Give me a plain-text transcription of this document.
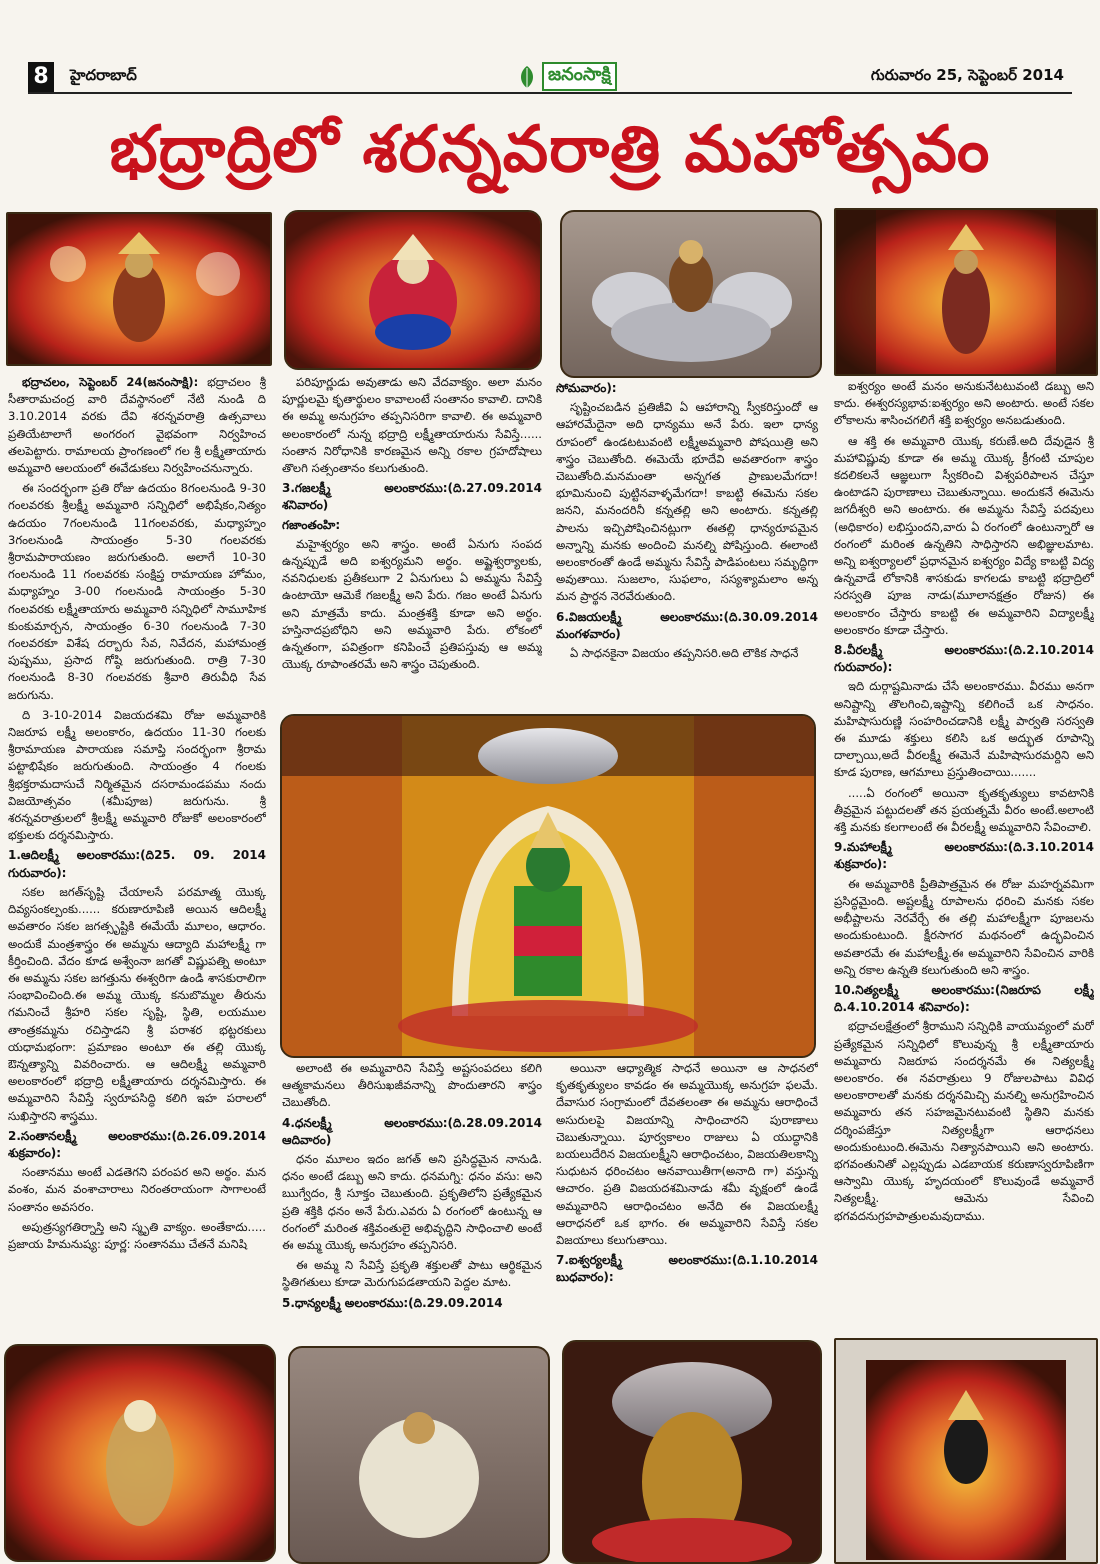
8	హైదరాబాద్	జనంసాక్షి	గురువారం 25, సెప్టెంబర్ 2014
భద్రాద్రిలో శరన్నవరాత్రి మహోత్సవం

భద్రాచలం, సెప్టెంబర్ 24(జనంసాక్షి): భద్రాచలం శ్రీ సీతారామచంద్ర వారి దేవస్థానంలో నేటి నుండి ది 3.10.2014 వరకు దేవి శరన్నవరాత్రి ఉత్సవాలు ప్రతియేటాలాగే అంగరంగ వైభవంగా నిర్వహించ తలపెట్టారు. రామాలయ ప్రాంగణంలో గల శ్రీ లక్ష్మీతాయారు అమ్మవారి ఆలయంలో ఈవేడుకలు నిర్వహించనున్నారు.

ఈ సందర్భంగా ప్రతి రోజు ఉదయం 8గంలనుండి 9-30 గంలవరకు శ్రీలక్ష్మీ అమ్మవారి సన్నిధిలో అభిషేకం,నిత్యం ఉదయం 7గంలనుండి 11గంలవరకు, మధ్యాహ్నం 3గంలనుండి సాయంత్రం 5-30 గంలవరకు శ్రీరామపారాయణం జరుగుతుంది. అలాగే 10-30 గంలనుండి 11 గంలవరకు సంక్షిప్త రామాయణ హోమం, మధ్యాహ్నం 3-00 గంలనుండి సాయంత్రం 5-30 గంలవరకు లక్ష్మీతాయారు అమ్మవారి సన్నిధిలో సామూహిక కుంకుమార్చన, సాయంత్రం 6-30 గంలనుండి 7-30 గంలవరకూ విశేష దర్బారు సేవ, నివేదన, మహామంత్ర పుష్పము, ప్రసాద గోష్ఠి జరుగుతుంది. రాత్రి 7-30 గంలనుండి 8-30 గంలవరకు శ్రీవారి తిరువీధి సేవ జరుగును.

ది 3-10-2014 విజయదశమి రోజు అమ్మవారికి నిజరూప లక్ష్మీ అలంకారం, ఉదయం 11-30 గంలకు శ్రీరామాయణ పారాయణ సమాప్తి సందర్భంగా శ్రీరామ పట్టాభిషేకం జరుగుతుంది. సాయంత్రం 4 గంలకు శ్రీభక్తరామదాసుచే నిర్మితమైన దసరామండపము నందు విజయోత్సవం (శమీపూజ) జరుగును. శ్రీ శరన్నవరాత్రులలో శ్రీలక్ష్మీ అమ్మవారి రోజుకో అలంకారంలో భక్తులకు దర్శనమిస్తారు.

1.ఆదిలక్ష్మీ అలంకారము:(ది25. 09. 2014 గురువారం):

సకల జగత్‌సృష్టి చేయాలసే పరమాత్మ యొక్క దివ్యసంకల్పంకు...... కరుణారూపిణి అయిన ఆదిలక్ష్మీ అవతారం సకల జగత్సృష్టికి ఈమేయే మూలం, ఆధారం. అందుకే మంత్రశాస్త్రం ఈ అమ్మను ఆద్యాది మహాలక్ష్మీ గా కీర్తించింది. వేదం కూడ అశ్వేంనా జగతో విష్ణుపత్ని అంటూ ఈ అమ్మను సకల జగత్తును ఈశ్వరిగా ఉండి శాసకురాలిగా సంభావించింది.ఈ అమ్మ యొక్క కనుబొమ్మల తీరును గమనించే శ్రీహరి సకల సృష్టి, స్థితి, లయముల తాంత్రకమ్మను రచిస్తాడని శ్రీ పరాశర భట్టరకులు యధామభంగా: ప్రమాణం అంటూ ఈ తల్లి యొక్క ఔన్నత్యాన్ని వివరించారు. ఆ ఆదిలక్ష్మీ అమ్మవారి అలంకారంలో భద్రాద్రి లక్ష్మీతాయారు దర్శనమిస్తారు. ఈ అమ్మవారిని సేవిస్తే స్వరూపసిద్ధి కలిగి ఇహ పరాలలో సుఖిస్తారని శాస్త్రము.

2.సంతానలక్ష్మీ అలంకారము:(ది.26.09.2014 శుక్రవారం):

సంతానము అంటే ఎడతెగని పరంపర అని అర్థం. మన వంశం, మన వంశాచారాలు నిరంతరాయంగా సాగాలంటే సంతానం అవసరం.

అపుత్రస్యగతిర్నాస్తి అని స్మృతి వాక్యం. అంతేకాదు..... ప్రజాయ హిమనుష్య: పూర్ణ: సంతానము చేతనే మనిషి

పరిపూర్ణుడు అవుతాడు అని వేదవాక్యం. అలా మనం పూర్ణులమై కృతార్థులం కావాలంటే సంతానం కావాలి. దానికి ఈ అమ్మ అనుగ్రహం తప్పనిసరిగా కావాలి. ఈ అమ్మవారి అలంకారంలో నున్న భద్రాద్రి లక్ష్మీతాయారును సేవిస్తే...... సంతాన నిరోధానికి కారణమైన అన్ని రకాల గ్రహదోషాలు తొలగి సత్సంతానం కలుగుతుంది.

3.గజలక్ష్మీ అలంకారము:(ది.27.09.2014 శనివారం)
గజాంతంహి:

మహైశ్వర్యం అని శాస్త్రం. అంటే ఏనుగు సంపద ఉన్నప్పుడే అది ఐశ్వర్యమని అర్థం. అష్టైశ్వర్యాలకు, నవనిధులకు ప్రతీకలుగా 2 ఏనుగులు ఏ అమ్మను సేవిస్తే ఉంటాయో ఆమెకే గజలక్ష్మీ అని పేరు. గజం అంటే ఏనుగు అని మాత్రమే కాదు. మంత్రశక్తి కూడా అని అర్థం. హస్తినాదప్రబోధిని అని అమ్మవారి పేరు. లోకంలో ఉన్నతంగా, పవిత్రంగా కనిపించే ప్రతిపస్తువు ఆ అమ్మ యొక్క రూపాంతరమే అని శాస్త్రం చెపుతుంది.

అలాంటి ఈ అమ్మవారిని సేవిస్తే అష్టసంపదలు కలిగి ఆత్మకామనలు తీరిసుఖజీవనాన్ని పొందుతారని శాస్త్రం చెబుతోంది.

4.ధనలక్ష్మీ అలంకారము:(ది.28.09.2014 ఆదివారం)

ధనం మూలం ఇదం జగత్ అని ప్రసిద్ధమైన నానుడి. ధనం అంటే డబ్బు అని కాదు. ధనమగ్ని: ధనం వసు: అని ఋగ్వేదం, శ్రీ సూక్తం చెబుతుంది. ప్రకృతిలోని ప్రత్యేకమైన ప్రతి శక్తికి ధనం అనే పేరు.ఎవరు ఏ రంగంలో ఉంటున్న ఆ రంగంలో మరింత శక్తివంతులై అభివృద్ధిని సాధించాలి అంటే ఈ అమ్మ యొక్క అనుగ్రహం తప్పనిసరి.

ఈ అమ్మ ని సేవిస్తే ప్రకృతి శక్తులతో పాటు ఆర్థికమైన స్థితిగతులు కూడా మెరుగుపడతాయని పెద్దల మాట.

5.ధాన్యలక్ష్మీ అలంకారము:(ది.29.09.2014
సోమవారం):

సృష్టించబడిన ప్రతిజీవి ఏ ఆహారాన్ని స్వీకరిస్తుందో ఆ ఆహారమేదైనా అది ధాన్యము అనే పేరు. ఇలా ధాన్య రూపంలో ఉండటటువంటి లక్ష్మీఅమ్మవారి పోషయిత్రి అని శాస్త్రం చెబుతోంది. ఈమెయే భూదేవి అవతారంగా శాస్త్రం చెబుతోంది.మనమంతా అన్నగత ప్రాణులమేగదా! భూమినుంచి పుట్టినవాళ్ళమేగదా! కాబట్టి ఈమెను సకల జనని, మనందరినీ కన్నతల్లి అని అంటారు. కన్నతల్లి పాలను ఇచ్చిపోషించినట్లుగా ఈతల్లి ధాన్యరూపమైన అన్నాన్ని మనకు అందించి మనల్ని పోషిస్తుంది. ఈలాంటి అలంకారంతో ఉండే అమ్మను సేవిస్తే పాడిపంటలు సమృద్ధిగా అవుతాయి. సుజలాం, సుఫలాం, సస్యశ్యామలాం అన్న మన ప్రార్థన నెరవేరుతుంది.

6.విజయలక్ష్మీ అలంకారము:(ది.30.09.2014 మంగళవారం)

ఏ సాధనకైనా విజయం తప్పనిసరి.అది లౌకిక సాధనే

అయినా ఆధ్యాత్మిక సాధనే అయినా ఆ సాధనలో కృతకృత్యులం కావడం ఈ అమ్మయొక్క అనుగ్రహ ఫలమే. దేవాసుర సంగ్రామంలో దేవతలంతా ఈ అమ్మను ఆరాధించే అసురులపై విజయాన్ని సాధించారని పురాణాలు చెబుతున్నాయి. పూర్వకాలం రాజులు ఏ యుద్ధానికి బయలుదేరిన విజయలక్ష్మీని ఆరాధించటం, విజయతిలకాన్ని సుధుటన ధరించటం ఆనవాయితీగా(అనాది గా) వస్తున్న ఆచారం. ప్రతి విజయదశమినాడు శమీ వృక్షంలో ఉండే అమ్మవారిని ఆరాధించటం అనేది ఈ విజయలక్ష్మీ ఆరాధనలో ఒక భాగం. ఈ అమ్మవారిని సేవిస్తే సకల విజయాలు కలుగుతాయి.

7.ఐశ్వర్యలక్ష్మీ అలంకారము:(ది.1.10.2014 బుధవారం):

ఐశ్వర్యం అంటే మనం అనుకునేటటువంటి డబ్బు అని కాదు. ఈశ్వరస్యభావ:ఐశ్వర్యం అని అంటారు. అంటే సకల లోకాలను శాసించగలిగే శక్తి ఐశ్వర్యం అనబడుతుంది.

ఆ శక్తి ఈ అమ్మవారి యొక్క కరుణే.అది దేవుడైన శ్రీ మహావిష్ణువు కూడా ఈ అమ్మ యొక్క క్రీగంటి చూపుల కదలికలనే ఆజ్ఞలుగా స్వీకరించి విశ్వపరిపాలన చేస్తూ ఉంటాడని పురాణాలు చెబుతున్నాయి. అందుకనే ఈమెను జగదీశ్వరి అని అంటారు. ఈ అమ్మను సేవిస్తే పదవులు (అధికారం) లభిస్తుందని,వారు ఏ రంగంలో ఉంటున్నారో ఆ రంగంలో మరింత ఉన్నతిని సాధిస్తారని అభిజ్ఞులమాట. అన్ని ఐశ్వర్యాలలో ప్రధానమైన ఐశ్వర్యం విద్యే కాబట్టి విద్య ఉన్నవాడే లోకానికి శాసకుడు కాగలడు కాబట్టి భద్రాద్రిలో సరస్వతి పూజ నాడు(మూలానక్షత్రం రోజున) ఈ అలంకారం చేస్తారు కాబట్టి ఈ అమ్మవారిని విద్యాలక్ష్మీ అలంకారం కూడా చేస్తారు.

8.వీరలక్ష్మీ అలంకారము:(ది.2.10.2014 గురువారం):

ఇది దుర్గాష్టమినాడు చేసే అలంకారము. వీరము అనగా అనిష్టాన్ని తొలగించి,ఇష్టాన్ని కలిగించే ఒక సాధనం. మహిషాసురుణ్ణి సంహరించడానికి లక్ష్మీ పార్వతి సరస్వతి ఈ మూడు శక్తులు కలిసి ఒక అద్భుత రూపాన్ని దాల్చాయి,అదే వీరలక్ష్మీ ఈమెనే మహిషాసురమర్దిని అని కూడ పురాణ, ఆగమాలు ప్రస్తుతించాయి.......

.....ఏ రంగంలో అయినా కృతకృత్యులు కావటానికి తీవ్రమైన పట్టుదలతో తన ప్రయత్నమే వీరం అంటే.అలాంటి శక్తి మనకు కలగాలంటే ఈ వీరలక్ష్మీ అమ్మవారిని సేవించాలి.

9.మహాలక్ష్మీ అలంకారము:(ది.3.10.2014 శుక్రవారం):

ఈ అమ్మవారికి ప్రీతిపాత్రమైన ఈ రోజు మహర్నవమిగా ప్రసిద్ధమైంది. అష్టలక్ష్మీ రూపాలను ధరించి మనకు సకల అభీష్టాలను నెరవేర్చే ఈ తల్లి మహాలక్ష్మీగా పూజలను అందుకుంటుంది. క్షీరసాగర మథనంలో ఉద్భవించిన అవతారమే ఈ మహాలక్ష్మీ.ఈ అమ్మవారిని సేవించిన వారికి అన్ని రకాల ఉన్నతి కలుగుతుంది అని శాస్త్రం.

10.నిత్యలక్ష్మీ అలంకారము:(నిజరూప లక్ష్మీ ది.4.10.2014 శనివారం):

భద్రాచలక్షేత్రంలో శ్రీరాముని సన్నిధికి వాయువ్యంలో మరో ప్రత్యేకమైన సన్నిధిలో కొలువున్న శ్రీ లక్ష్మీతాయారు అమ్మవారు నిజరూప సందర్శనమే ఈ నిత్యలక్ష్మీ అలంకారం. ఈ నవరాత్రులు 9 రోజులపాటు వివిధ అలంకారాలతో మనకు దర్శనమిచ్చి మనల్ని అనుగ్రహించిన అమ్మవారు తన సహజమైనటువంటి స్థితిని మనకు దర్శింపజేస్తూ నిత్యలక్ష్మీగా ఆరాధనలు అందుకుంటుంది.ఈమెను నిత్యానపాయిని అని అంటారు. భగవంతునితో ఎల్లప్పుడు ఎడబాయక కరుణాస్వరూపిణిగా ఆస్వామి యొక్క హృదయంలో కొలువుండే అమ్మవారే నిత్యలక్ష్మీ. ఆమెను సేవించి భగవదనుగ్రహపాత్రులమవుదాము.
